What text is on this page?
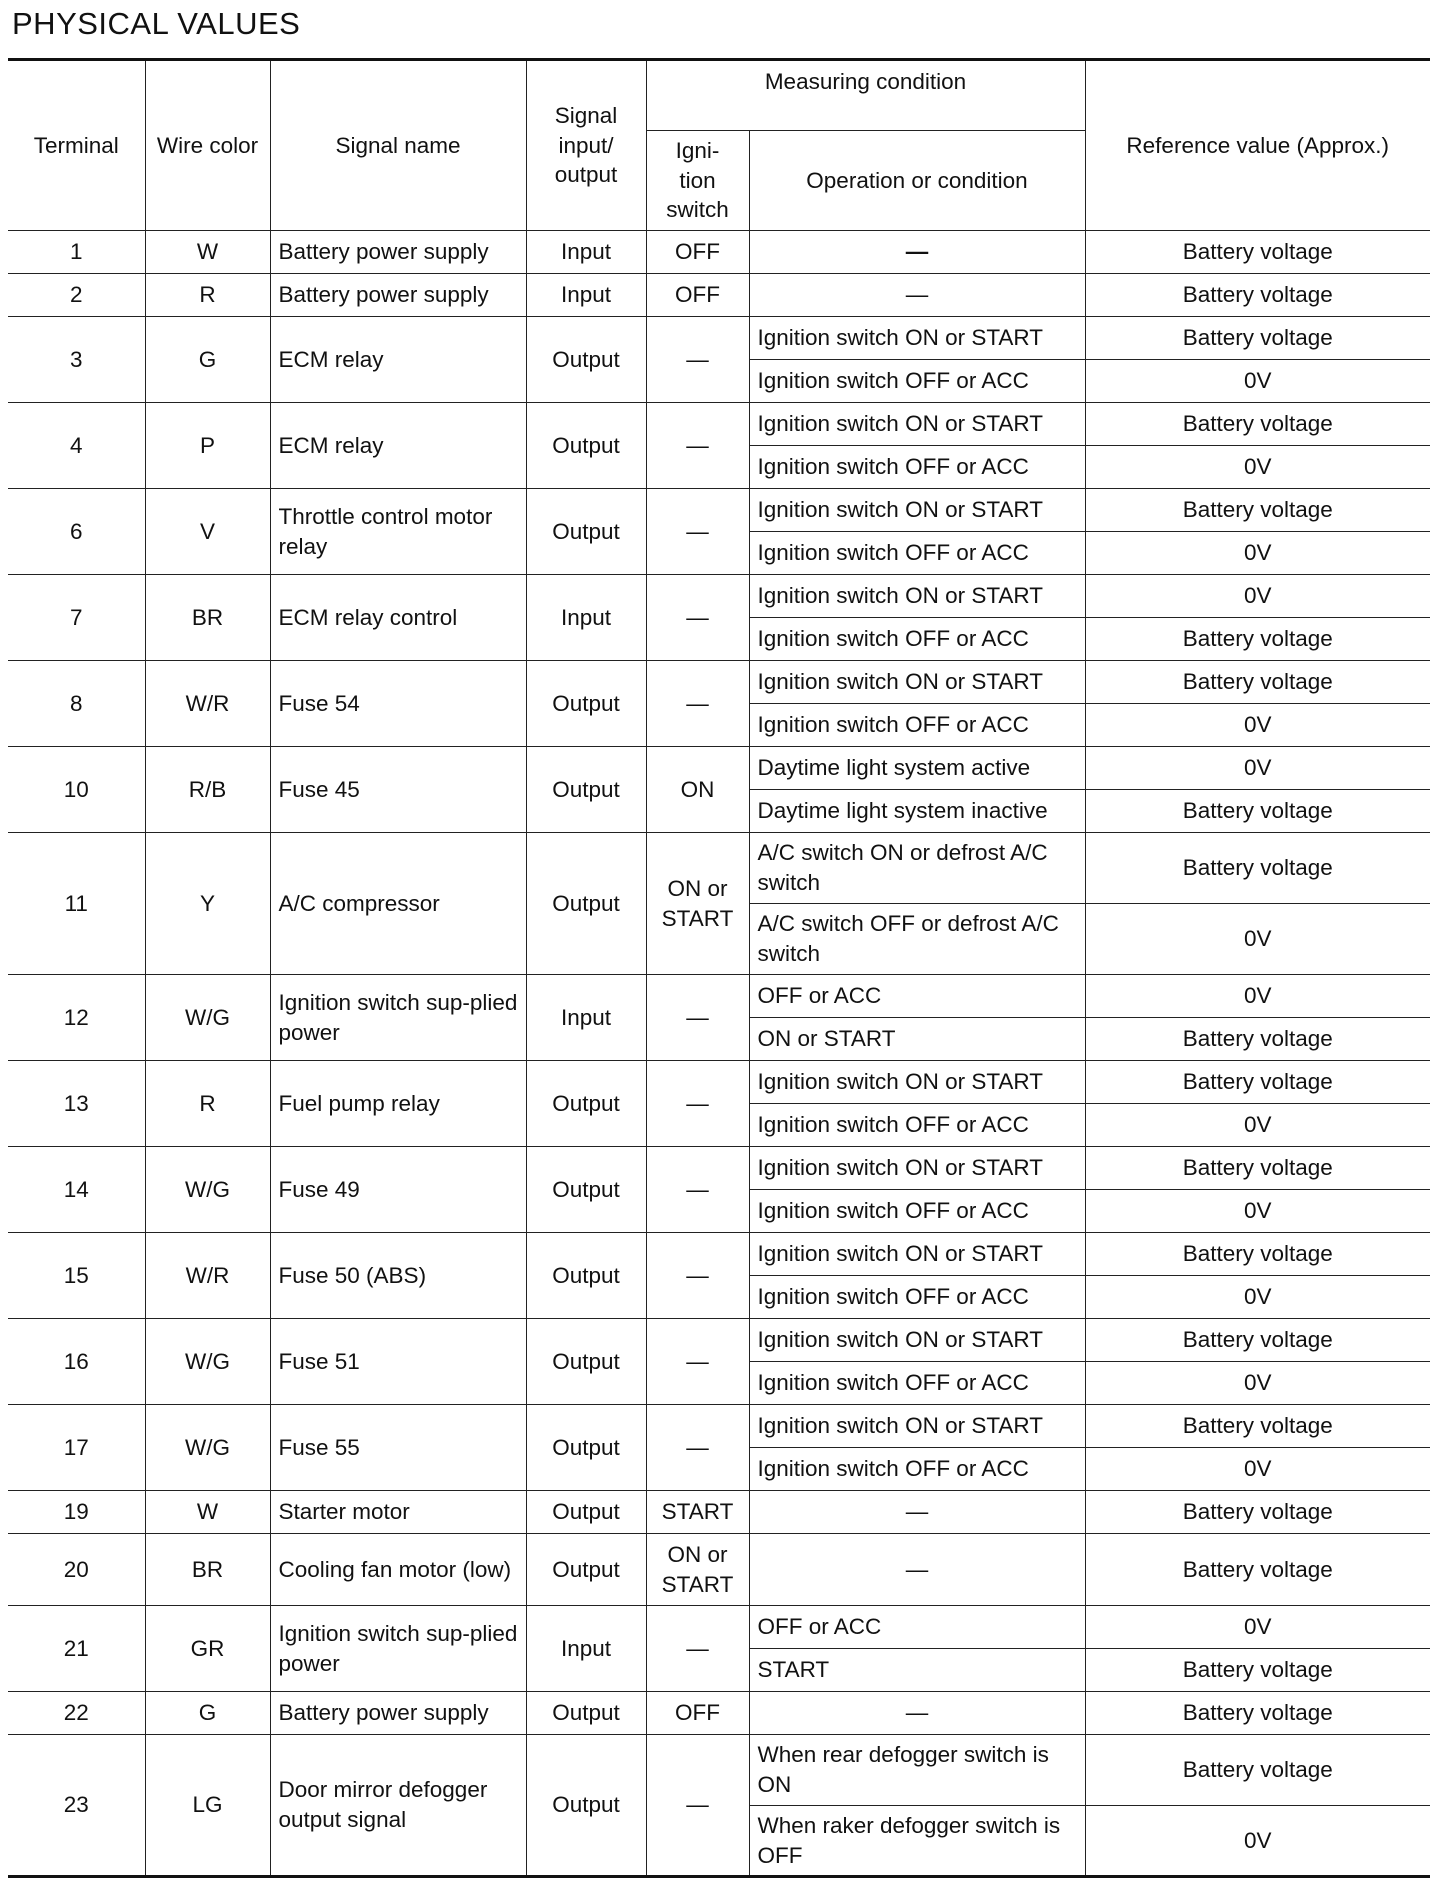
PHYSICAL VALUES
Terminal	Wire color	Signal name	Signal input/ output	Measuring condition		Reference value (Approx.)
				Igni- tion switch	Operation or condition	
1	W	Battery power supply	Input	OFF	—	Battery voltage
2	R	Battery power supply	Input	OFF	—	Battery voltage
3	G	ECM relay	Output	—	Ignition switch ON or START	Battery voltage
					Ignition switch OFF or ACC	0V
4	P	ECM relay	Output	—	Ignition switch ON or START	Battery voltage
					Ignition switch OFF or ACC	0V
6	V	Throttle control motor relay	Output	—	Ignition switch ON or START	Battery voltage
					Ignition switch OFF or ACC	0V
7	BR	ECM relay control	Input	—	Ignition switch ON or START	0V
					Ignition switch OFF or ACC	Battery voltage
8	W/R	Fuse 54	Output	—	Ignition switch ON or START	Battery voltage
					Ignition switch OFF or ACC	0V
10	R/B	Fuse 45	Output	ON	Daytime light system active	0V
					Daytime light system inactive	Battery voltage
11	Y	A/C compressor	Output	ON or START	A/C switch ON or defrost A/C switch	Battery voltage
					A/C switch OFF or defrost A/C switch	0V
12	W/G	Ignition switch sup-plied power	Input	—	OFF or ACC	0V
					ON or START	Battery voltage
13	R	Fuel pump relay	Output	—	Ignition switch ON or START	Battery voltage
					Ignition switch OFF or ACC	0V
14	W/G	Fuse 49	Output	—	Ignition switch ON or START	Battery voltage
					Ignition switch OFF or ACC	0V
15	W/R	Fuse 50 (ABS)	Output	—	Ignition switch ON or START	Battery voltage
					Ignition switch OFF or ACC	0V
16	W/G	Fuse 51	Output	—	Ignition switch ON or START	Battery voltage
					Ignition switch OFF or ACC	0V
17	W/G	Fuse 55	Output	—	Ignition switch ON or START	Battery voltage
					Ignition switch OFF or ACC	0V
19	W	Starter motor	Output	START	—	Battery voltage
20	BR	Cooling fan motor (low)	Output	ON or START	—	Battery voltage
21	GR	Ignition switch sup-plied power	Input	—	OFF or ACC	0V
					START	Battery voltage
22	G	Battery power supply	Output	OFF	—	Battery voltage
23	LG	Door mirror defogger output signal	Output	—	When rear defogger switch is ON	Battery voltage
					When raker defogger switch is OFF	0V
